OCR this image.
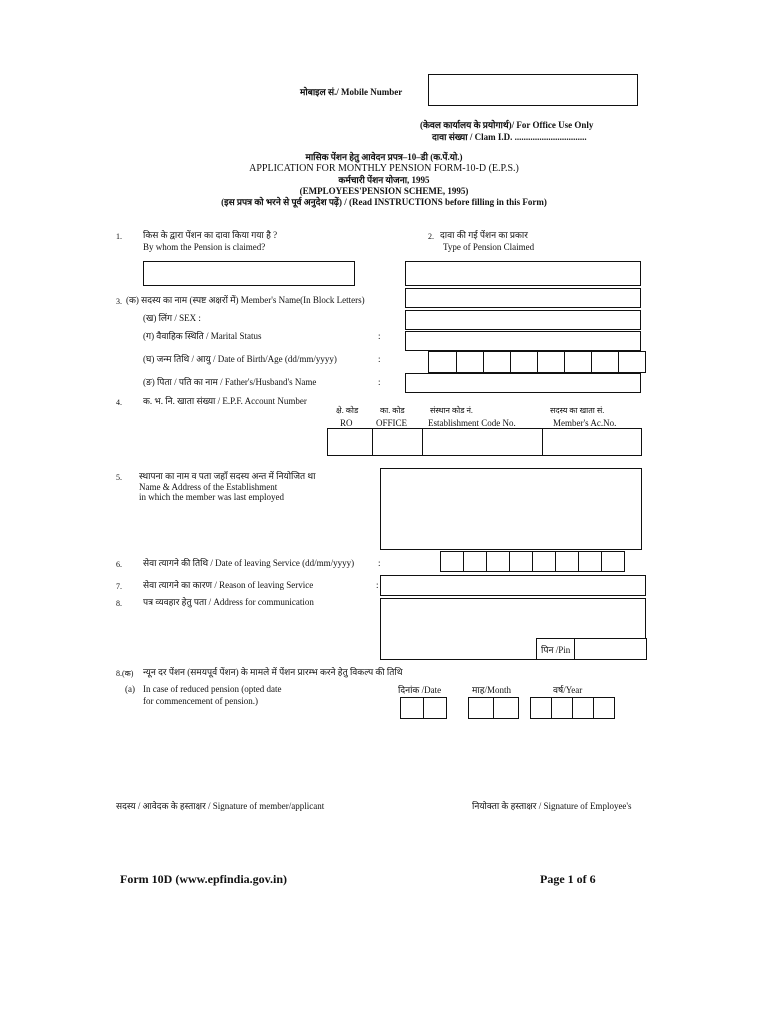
मोबाइल सं./ Mobile Number
(केवल कार्यालय के प्रयोगार्थ)/ For Office Use Only
दावा संख्या / Clam I.D. ................................
मासिक पेंशन हेतु आवेदन प्रपत्र–10–डी (क.पें.यो.)
APPLICATION FOR MONTHLY PENSION FORM-10-D (E.P.S.)
कर्मचारी पेंशन योजना, 1995
(EMPLOYEES'PENSION SCHEME, 1995)
(इस प्रपत्र को भरने से पूर्व अनुदेश पढ़ें) / (Read INSTRUCTIONS before filling in this Form)
1. किस के द्वारा पेंशन का दावा किया गया है ?
By whom the Pension is claimed?
2. दावा की गई पेंशन का प्रकार
Type of Pension Claimed
3. (क) सदस्य का नाम (स्पष्ट अक्षरों में) Member's Name(In Block Letters)
(ख) लिंग / SEX :
(ग) वैवाहिक स्थिति / Marital Status	:
(घ) जन्म तिथि / आयु / Date of Birth/Age (dd/mm/yyyy)	:
(ङ) पिता / पति का नाम / Father's/Husband's Name	:
4. क. भ. नि. खाता संख्या / E.P.F. Account Number
क्षे. कोड
RO
का. कोड
OFFICE
संस्थान कोड नं.
Establishment Code No.
सदस्य का खाता सं.
Member's Ac.No.
5. स्थापना का नाम व पता जहाँ सदस्य अन्त में नियोजित था
Name & Address of the Establishment
in which the member was last employed
6. सेवा त्यागने की तिथि / Date of leaving Service (dd/mm/yyyy)	:
7. सेवा त्यागने का कारण / Reason of leaving Service	:
8. पत्र व्यवहार हेतु पता / Address for communication
पिन /Pin
8.(क) न्यून दर पेंशन (समयपूर्व पेंशन) के मामले में पेंशन प्रारम्भ करने हेतु विकल्प की तिथि
(a) In case of reduced pension (opted date
for commencement of pension.)
दिनांक /Date	माह/Month	वर्ष/Year
सदस्य / आवेदक के हस्ताक्षर / Signature of member/applicant	नियोक्ता के हस्ताक्षर / Signature of Employee's
Form 10D (www.epfindia.gov.in)	Page 1 of 6
